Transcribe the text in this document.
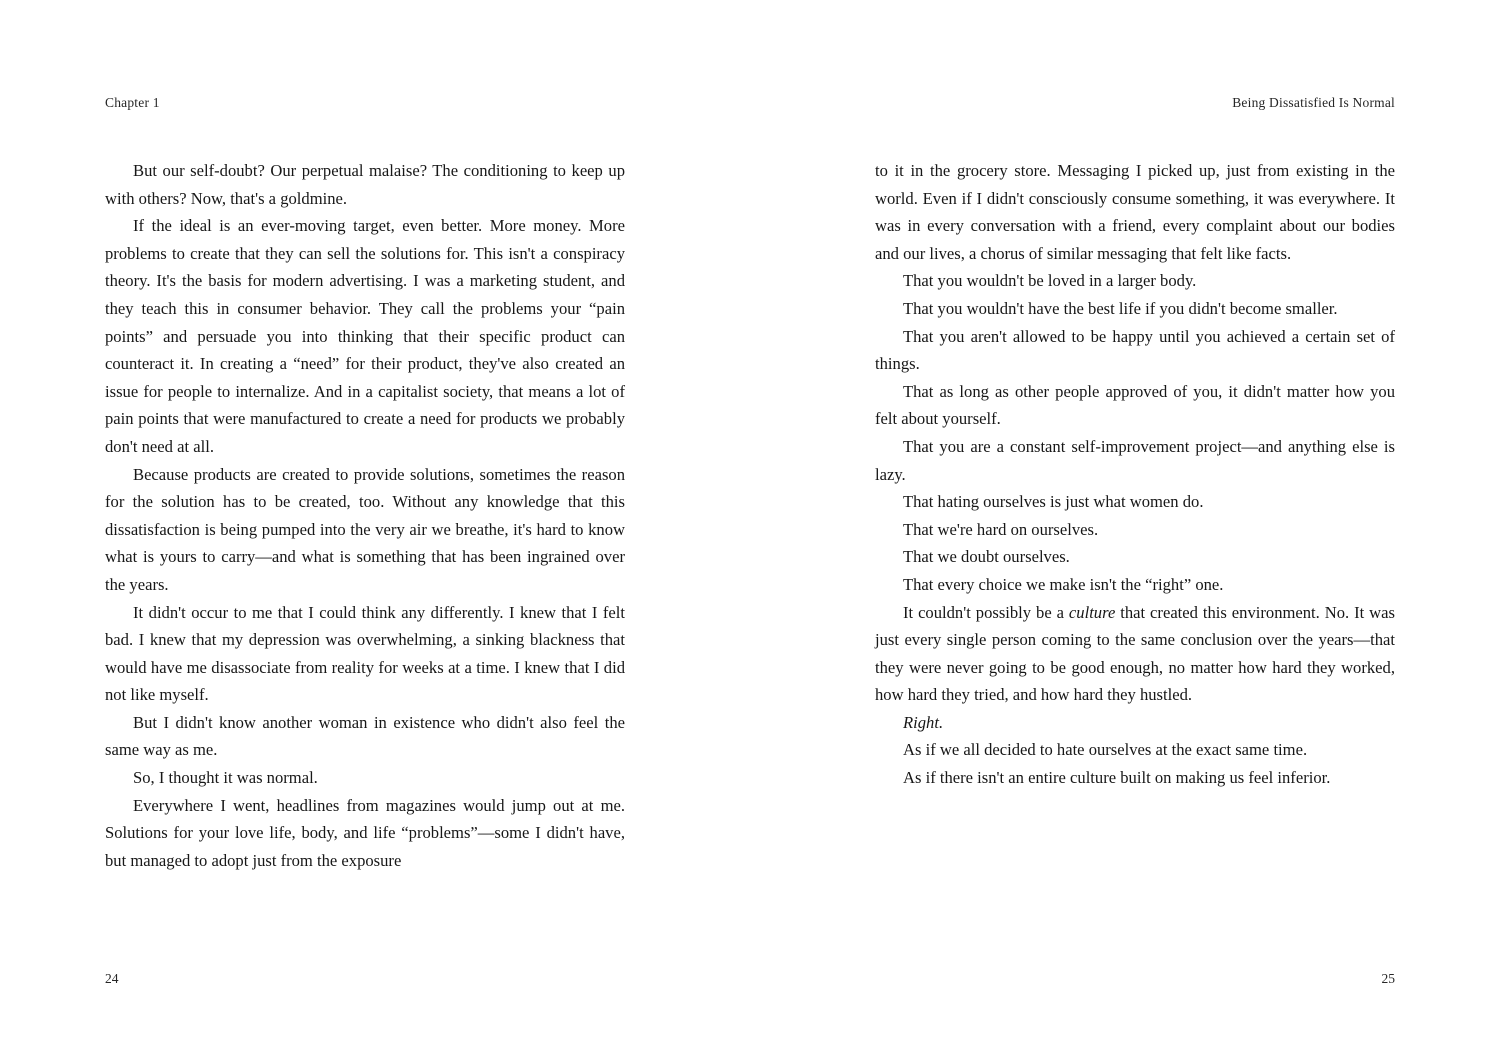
Chapter 1

But our self-doubt? Our perpetual malaise? The conditioning to keep up with others? Now, that's a goldmine.

If the ideal is an ever-moving target, even better. More money. More problems to create that they can sell the solutions for. This isn't a conspiracy theory. It's the basis for modern advertising. I was a marketing student, and they teach this in consumer behavior. They call the problems your “pain points” and persuade you into thinking that their specific product can counteract it. In creating a “need” for their product, they've also created an issue for people to internalize. And in a capitalist society, that means a lot of pain points that were manufactured to create a need for products we probably don't need at all.

Because products are created to provide solutions, sometimes the reason for the solution has to be created, too. Without any knowledge that this dissatisfaction is being pumped into the very air we breathe, it's hard to know what is yours to carry—and what is something that has been ingrained over the years.

It didn't occur to me that I could think any differently. I knew that I felt bad. I knew that my depression was overwhelming, a sinking blackness that would have me disassociate from reality for weeks at a time. I knew that I did not like myself.

But I didn't know another woman in existence who didn't also feel the same way as me.

So, I thought it was normal.

Everywhere I went, headlines from magazines would jump out at me. Solutions for your love life, body, and life “problems”—some I didn't have, but managed to adopt just from the exposure

24
Being Dissatisfied Is Normal

to it in the grocery store. Messaging I picked up, just from existing in the world. Even if I didn't consciously consume something, it was everywhere. It was in every conversation with a friend, every complaint about our bodies and our lives, a chorus of similar messaging that felt like facts.

That you wouldn't be loved in a larger body.

That you wouldn't have the best life if you didn't become smaller.

That you aren't allowed to be happy until you achieved a certain set of things.

That as long as other people approved of you, it didn't matter how you felt about yourself.

That you are a constant self-improvement project—and anything else is lazy.

That hating ourselves is just what women do.

That we're hard on ourselves.

That we doubt ourselves.

That every choice we make isn't the “right” one.

It couldn't possibly be a culture that created this environment. No. It was just every single person coming to the same conclusion over the years—that they were never going to be good enough, no matter how hard they worked, how hard they tried, and how hard they hustled.

Right.

As if we all decided to hate ourselves at the exact same time.

As if there isn't an entire culture built on making us feel inferior.

25
